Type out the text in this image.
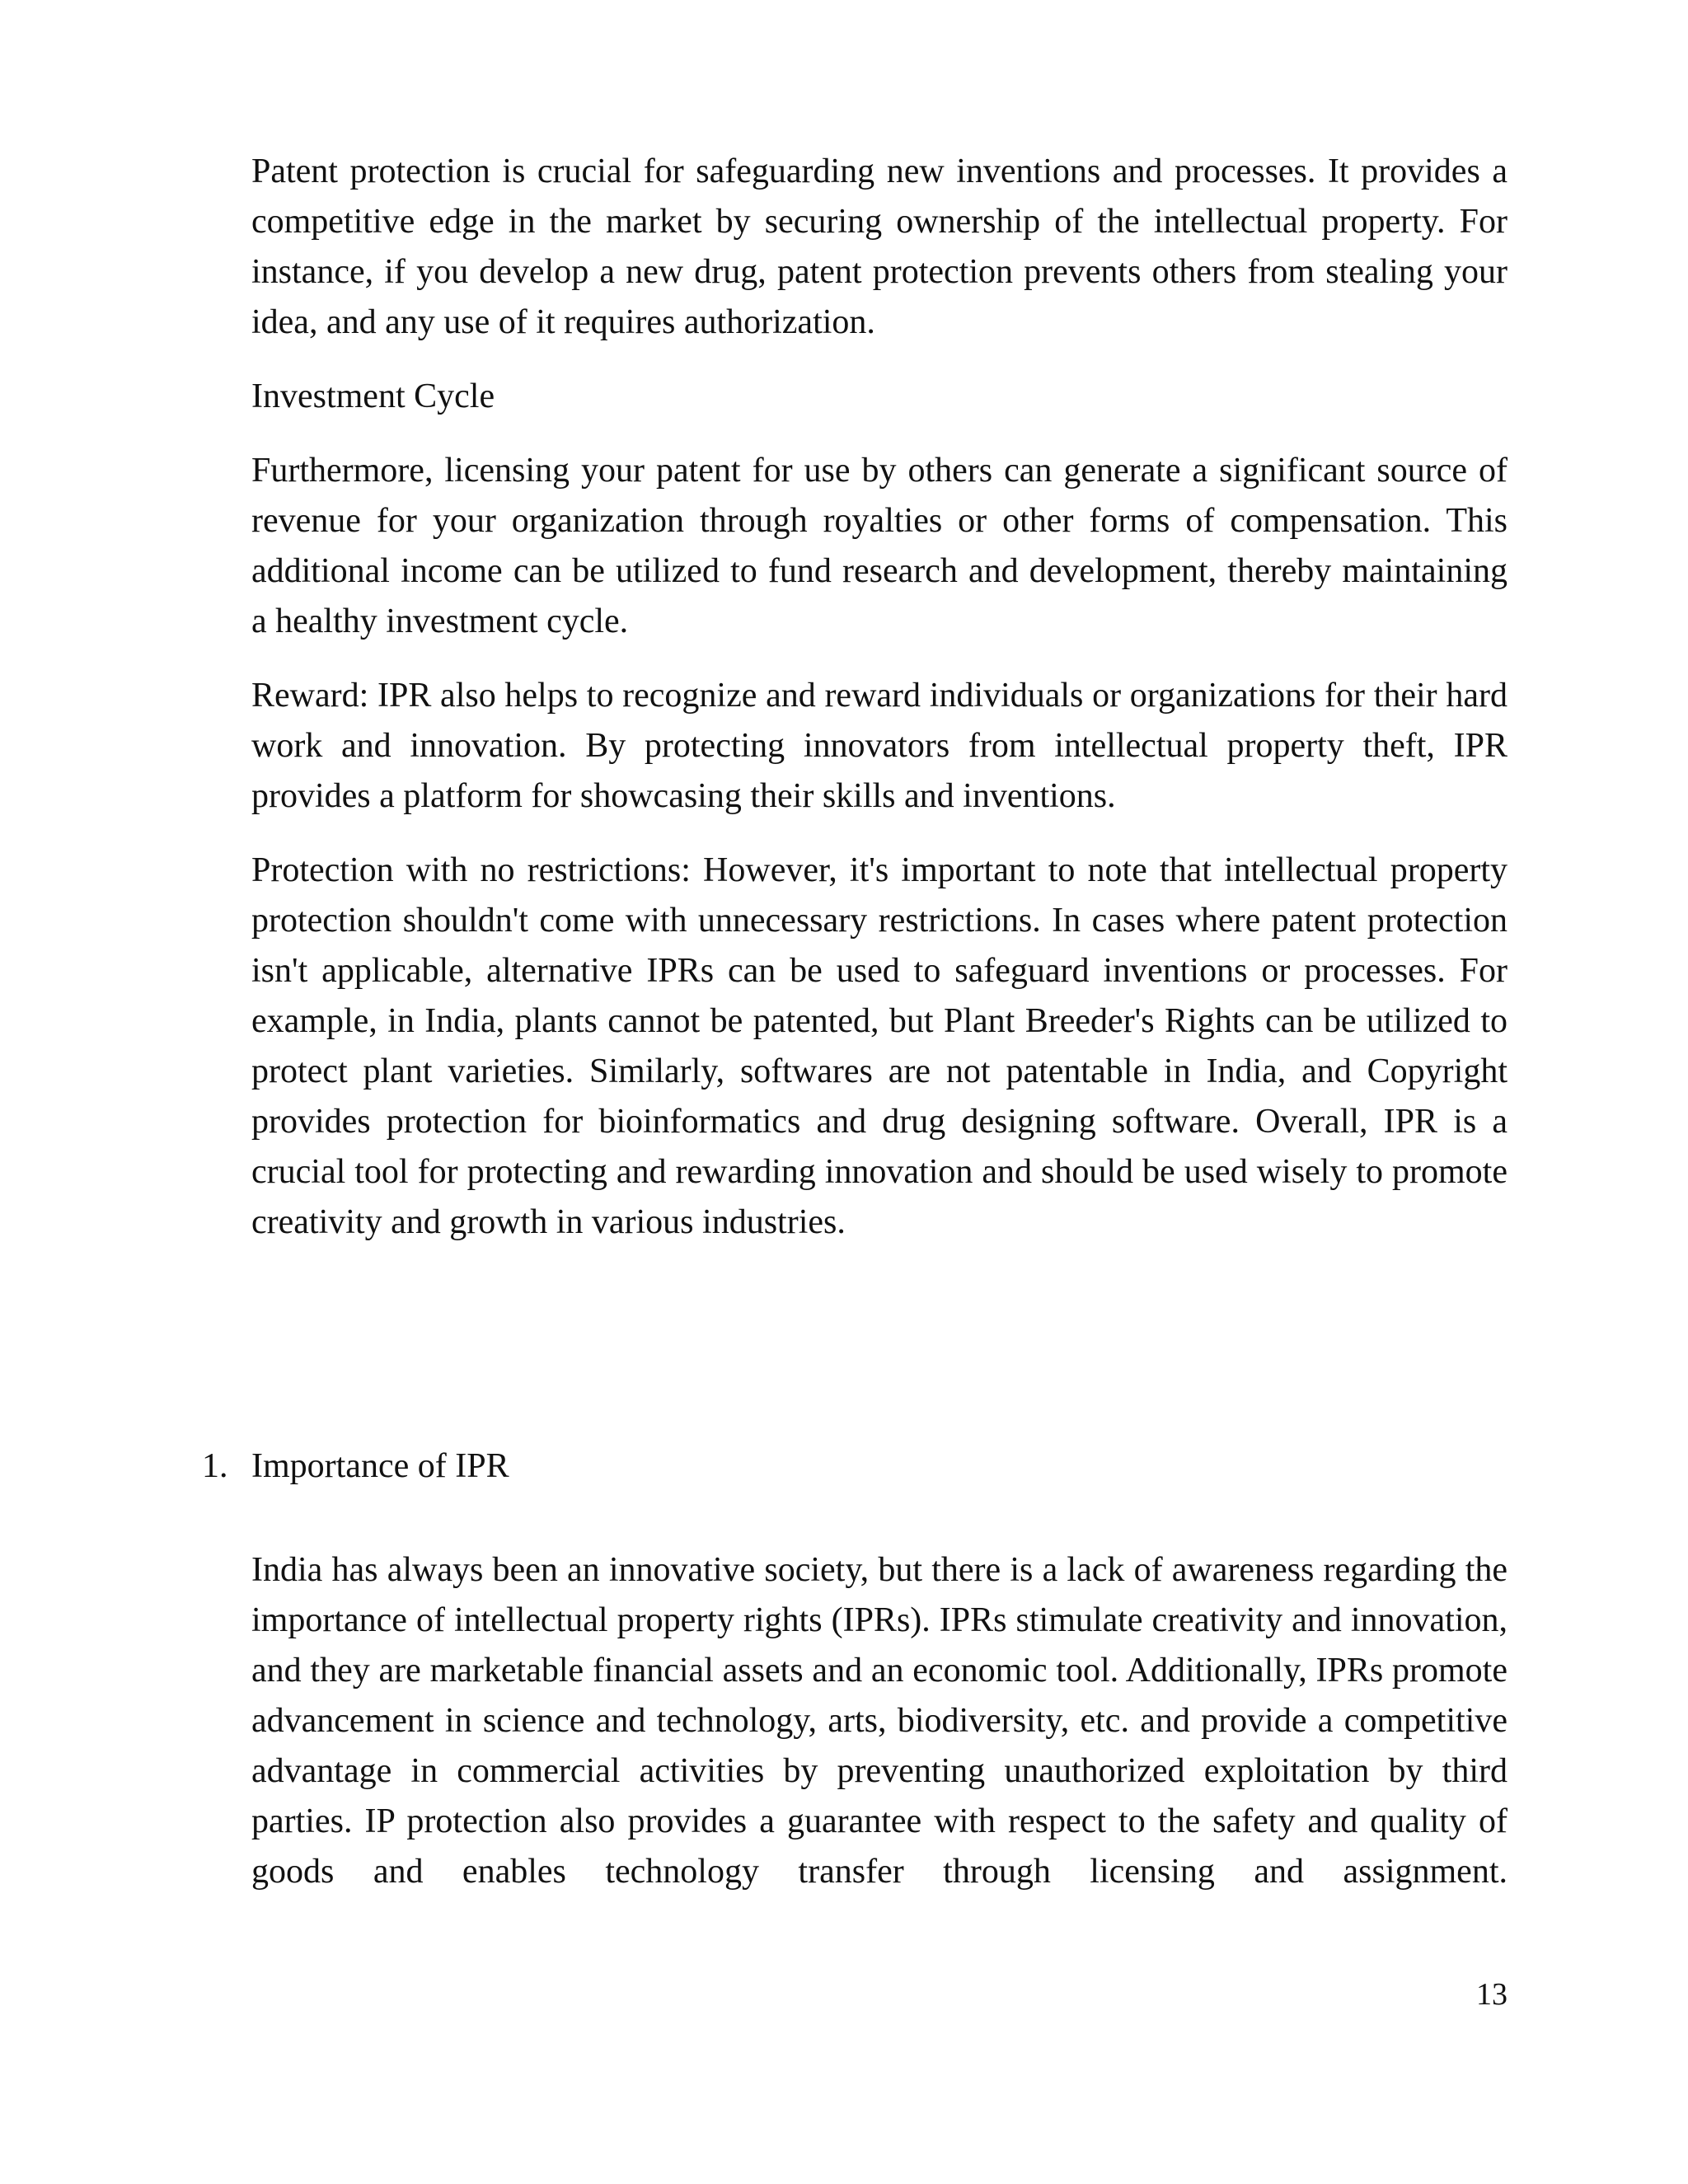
Patent protection is crucial for safeguarding new inventions and processes. It provides a competitive edge in the market by securing ownership of the intellectual property. For instance, if you develop a new drug, patent protection prevents others from stealing your idea, and any use of it requires authorization.

Investment Cycle

Furthermore, licensing your patent for use by others can generate a significant source of revenue for your organization through royalties or other forms of compensation. This additional income can be utilized to fund research and development, thereby maintaining a healthy investment cycle.

Reward: IPR also helps to recognize and reward individuals or organizations for their hard work and innovation. By protecting innovators from intellectual property theft, IPR provides a platform for showcasing their skills and inventions.

Protection with no restrictions: However, it's important to note that intellectual property protection shouldn't come with unnecessary restrictions. In cases where patent protection isn't applicable, alternative IPRs can be used to safeguard inventions or processes. For example, in India, plants cannot be patented, but Plant Breeder's Rights can be utilized to protect plant varieties. Similarly, softwares are not patentable in India, and Copyright provides protection for bioinformatics and drug designing software. Overall, IPR is a crucial tool for protecting and rewarding innovation and should be used wisely to promote creativity and growth in various industries.

1. Importance of IPR

India has always been an innovative society, but there is a lack of awareness regarding the importance of intellectual property rights (IPRs). IPRs stimulate creativity and innovation, and they are marketable financial assets and an economic tool. Additionally, IPRs promote advancement in science and technology, arts, biodiversity, etc. and provide a competitive advantage in commercial activities by preventing unauthorized exploitation by third parties. IP protection also provides a guarantee with respect to the safety and quality of goods and enables technology transfer through licensing and assignment.

13
